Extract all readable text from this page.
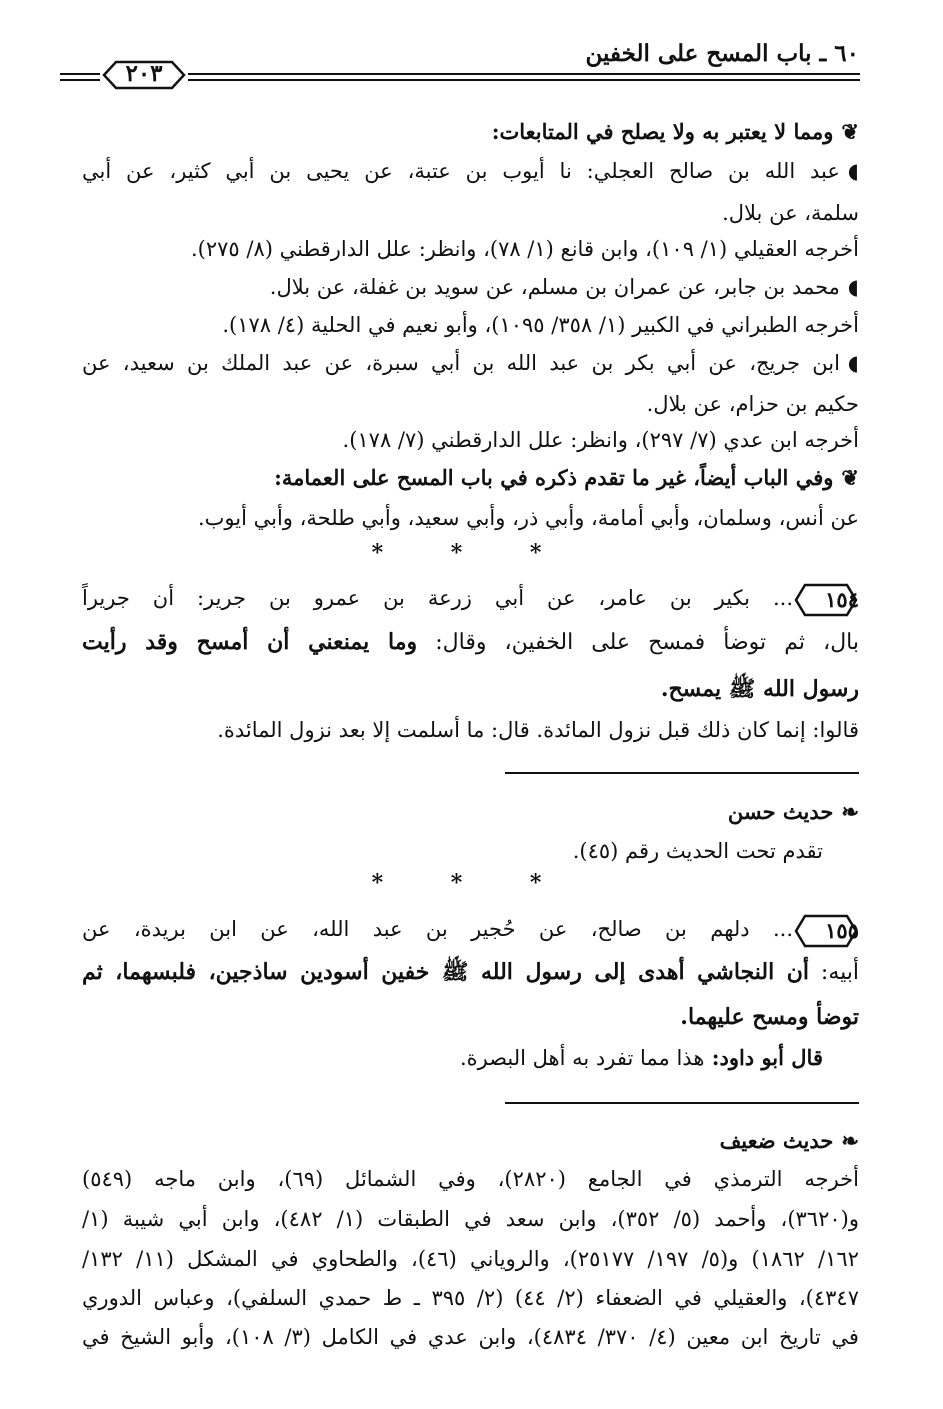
٦٠ ـ باب المسح على الخفين
٢٠٣
❦ومما لا يعتبر به ولا يصلح في المتابعات:
◖عبد الله بن صالح العجلي: نا أيوب بن عتبة، عن يحيى بن أبي كثير، عن أبي
سلمة، عن بلال.
أخرجه العقيلي (١/ ١٠٩)، وابن قانع (١/ ٧٨)، وانظر: علل الدارقطني (٨/ ٢٧٥).
◖محمد بن جابر، عن عمران بن مسلم، عن سويد بن غفلة، عن بلال.
أخرجه الطبراني في الكبير (١/ ٣٥٨/ ١٠٩٥)، وأبو نعيم في الحلية (٤/ ١٧٨).
◖ابن جريج، عن أبي بكر بن عبد الله بن أبي سبرة، عن عبد الملك بن سعيد، عن
حكيم بن حزام، عن بلال.
أخرجه ابن عدي (٧/ ٢٩٧)، وانظر: علل الدارقطني (٧/ ١٧٨).
❦وفي الباب أيضاً، غير ما تقدم ذكره في باب المسح على العمامة:
عن أنس، وسلمان، وأبي أمامة، وأبي ذر، وأبي سعيد، وأبي طلحة، وأبي أيوب.
* * *
١٥٤
... بكير بن عامر، عن أبي زرعة بن عمرو بن جرير: أن جريراً
بال، ثم توضأ فمسح على الخفين، وقال: وما يمنعني أن أمسح وقد رأيت
رسول الله ﷺ يمسح.
قالوا: إنما كان ذلك قبل نزول المائدة. قال: ما أسلمت إلا بعد نزول المائدة.
❧حديث حسن
تقدم تحت الحديث رقم (٤٥).
* * *
١٥٥
... دلهم بن صالح، عن حُجير بن عبد الله، عن ابن بريدة، عن
أبيه: أن النجاشي أهدى إلى رسول الله ﷺ خفين أسودين ساذجين، فلبسهما، ثم
توضأ ومسح عليهما.
قال أبو داود: هذا مما تفرد به أهل البصرة.
❧حديث ضعيف
أخرجه الترمذي في الجامع (٢٨٢٠)، وفي الشمائل (٦٩)، وابن ماجه (٥٤٩)
و(٣٦٢٠)، وأحمد (٥/ ٣٥٢)، وابن سعد في الطبقات (١/ ٤٨٢)، وابن أبي شيبة (١/
١٦٢/ ١٨٦٢) و(٥/ ١٩٧/ ٢٥١٧٧)، والروياني (٤٦)، والطحاوي في المشكل (١١/ ١٣٢/
٤٣٤٧)، والعقيلي في الضعفاء (٢/ ٤٤) (٢/ ٣٩٥ ـ ط حمدي السلفي)، وعباس الدوري
في تاريخ ابن معين (٤/ ٣٧٠/ ٤٨٣٤)، وابن عدي في الكامل (٣/ ١٠٨)، وأبو الشيخ في
